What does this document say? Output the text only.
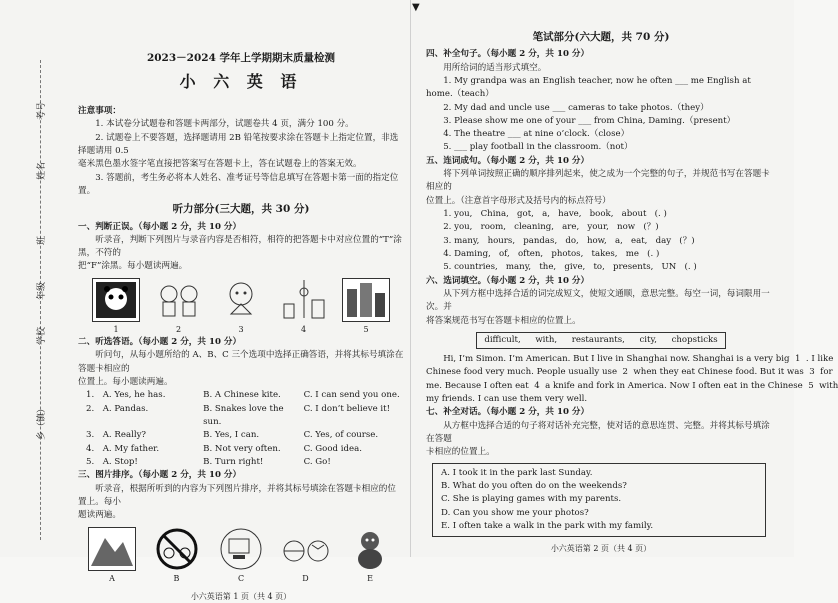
▼
考号
姓名
班
年级
学校
乡（镇）
2023－2024 学年上学期期末质量检测
小 六 英 语
注意事项：
1. 本试卷分试题卷和答题卡两部分，试题卷共 4 页，满分 100 分。
2. 试题卷上不要答题，选择题请用 2B 铅笔按要求涂在答题卡上指定位置，非选择题请用 0.5
毫米黑色墨水签字笔直接把答案写在答题卡上，答在试题卷上的答案无效。
3. 答题前，考生务必将本人姓名、准考证号等信息填写在答题卡第一面的指定位置。
听力部分(三大题，共 30 分)
一、判断正误。（每小题 2 分，共 10 分）
听录音，判断下列图片与录音内容是否相符，相符的把答题卡中对应位置的“T”涂黑，不符的
把“F”涂黑。每小题读两遍。
1	2	3	4	5
二、听选答语。（每小题 2 分，共 10 分）
听问句，从每小题所给的 A、B、C 三个选项中选择正确答语，并将其标号填涂在答题卡相应的
位置上。每小题读两遍。
1. A. Yes, he has.	B. A Chinese kite.	C. I can send you one.
2. A. Pandas.	B. Snakes love the sun.
C. I don’t believe it!
3. A. Really?	B. Yes, I can.	C. Yes, of course.
4. A. My father.	B. Not very often.	C. Good idea.
5. A. Stop!	B. Turn right!	C. Go!
三、图片排序。（每小题 2 分，共 10 分）
听录音，根据所听到的内容为下列图片排序，并将其标号填涂在答题卡相应的位置上。每小
题读两遍。
A	B	C	D	E
小六英语第 1 页（共 4 页）
笔试部分(六大题，共 70 分)
四、补全句子。（每小题 2 分，共 10 分）
用所给词的适当形式填空。
1. My grandpa was an English teacher, now he often ___ me English at home.（teach）
2. My dad and uncle use ___ cameras to take photos.（they）
3. Please show me one of your ___ from China, Daming.（present）
4. The theatre ___ at nine o’clock.（close）
5. ___ play football in the classroom.（not）
五、连词成句。（每小题 2 分，共 10 分）
将下列单词按照正确的顺序排列起来，使之成为一个完整的句子，并规范书写在答题卡相应的
位置上。（注意首字母形式及括号内的标点符号）
1. you,   China,   got,   a,   have,   book,   about   (. )
2. you,   room,   cleaning,   are,   your,   now   (？)
3. many,   hours,   pandas,   do,   how,   a,   eat,   day   (？)
4. Daming,   of,   often,   photos,   takes,   me   (. )
5. countries,   many,   the,   give,   to,   presents,   UN   (. )
六、选词填空。（每小题 2 分，共 10 分）
从下列方框中选择合适的词完成短文，使短文通顺，意思完整。每空一词，每词限用一次。并
将答案规范书写在答题卡相应的位置上。
difficult, with, restaurants, city, chopsticks
Hi, I’m Simon. I’m American. But I live in Shanghai now. Shanghai is a very big  1  . I like
Chinese food very much. People usually use  2  when they eat Chinese food. But it was  3  for
me. Because I often eat  4  a knife and fork in America. Now I often eat in the Chinese  5  with
my friends. I can use them very well.
七、补全对话。（每小题 2 分，共 10 分）
从方框中选择合适的句子将对话补充完整，使对话的意思连贯、完整。并将其标号填涂在答题
卡相应的位置上。
A. I took it in the park last Sunday.
B. What do you often do on the weekends?
C. She is playing games with my parents.
D. Can you show me your photos?
E. I often take a walk in the park with my family.
小六英语第 2 页（共 4 页）
